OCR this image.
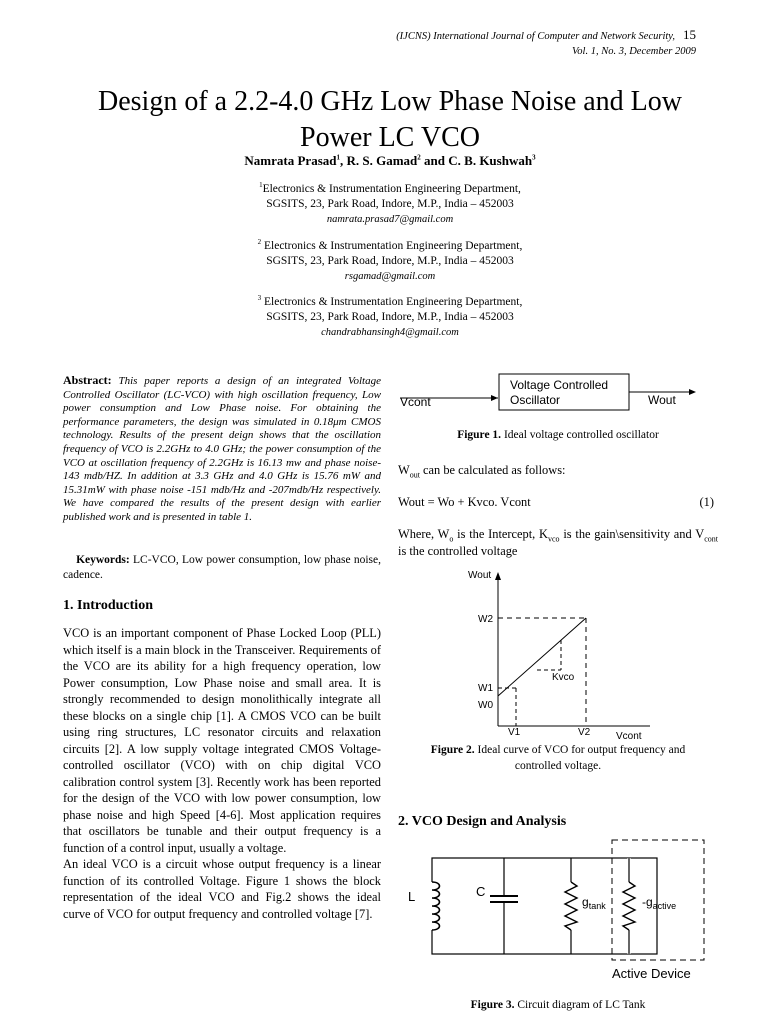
(IJCNS) International Journal of Computer and Network Security, 15
Vol. 1, No. 3, December 2009
Design of a 2.2-4.0 GHz Low Phase Noise and Low
Power LC VCO
Namrata Prasad$^1$, R. S. Gamad$^2$ and C. B. Kushwah$^3$
$^1$Electronics & Instrumentation Engineering Department,
SGSITS, 23, Park Road, Indore, M.P., India – 452003
namrata.prasad7@gmail.com
$^2$ Electronics & Instrumentation Engineering Department,
SGSITS, 23, Park Road, Indore, M.P., India – 452003
rsgamad@gmail.com
$^3$ Electronics & Instrumentation Engineering Department,
SGSITS, 23, Park Road, Indore, M.P., India – 452003
chandrabhansingh4@gmail.com
Abstract: This paper reports a design of an integrated Voltage Controlled Oscillator (LC-VCO) with high oscillation frequency, Low power consumption and Low Phase noise. For obtaining the performance parameters, the design was simulated in 0.18μm CMOS technology. Results of the present deign shows that the oscillation frequency of VCO is 2.2GHz to 4.0 GHz; the power consumption of the VCO at oscillation frequency of 2.2GHz is 16.13 mw and phase noise-143 mdb/HZ. In addition at 3.3 GHz and 4.0 GHz is 15.76 mW and 15.31mW with phase noise -151 mdb/Hz and -207mdb/Hz respectively. We have compared the results of the present design with earlier published work and is presented in table 1.
Keywords: LC-VCO, Low power consumption, low phase noise, cadence.
1. Introduction
VCO is an important component of Phase Locked Loop (PLL) which itself is a main block in the Transceiver. Requirements of the VCO are its ability for a high frequency operation, low Power consumption, Low Phase noise and small area. It is strongly recommended to design monolithically integrate all these blocks on a single chip [1]. A CMOS VCO can be built using ring structures, LC resonator circuits and relaxation circuits [2]. A low supply voltage integrated CMOS Voltage-controlled oscillator (VCO) with on chip digital VCO calibration control system [3]. Recently work has been reported for the design of the VCO with low power consumption, low phase noise and high Speed [4-6]. Most application requires that oscillators be tunable and their output frequency is a function of a control input, usually a voltage.
An ideal VCO is a circuit whose output frequency is a linear function of its controlled Voltage. Figure 1 shows the block representation of the ideal VCO and Fig.2 shows the ideal curve of VCO for output frequency and controlled voltage [7].
Voltage Controlled
Oscillator
Vcont	Wout
Figure 1. Ideal voltage controlled oscillator
$W_{out}$ can be calculated as follows:
Wout = Wo + Kvco. Vcont	(1)
Where, $W_o$ is the Intercept, $K_{vco}$ is the gain\sensitivity and $V_{cont}$ is the controlled voltage
Wout
Vcont
W2
W1
W0
V1	V2
Kvco
Figure 2. Ideal curve of VCO for output frequency and
controlled voltage.
2. VCO Design and Analysis
L	C
$g_{tank}$	$-g_{active}$
Active Device
Figure 3. Circuit diagram of LC Tank
